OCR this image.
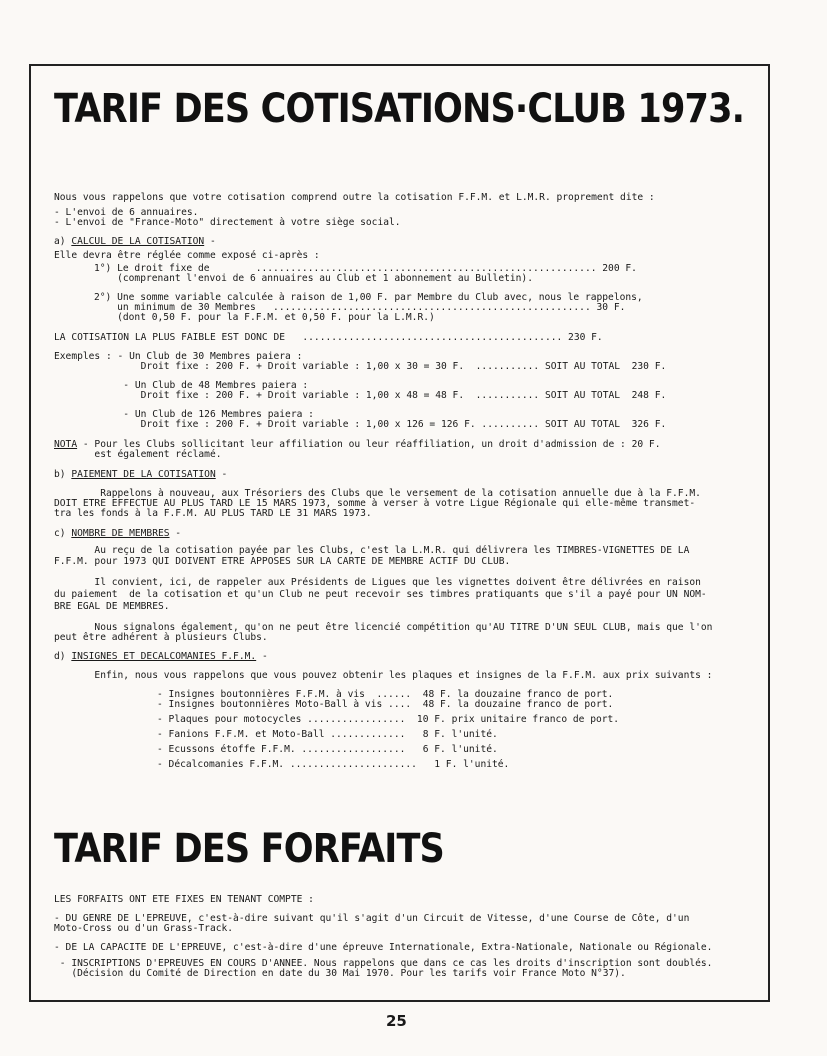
TARIF DES COTISATIONS·CLUB 1973.
Nous vous rappelons que votre cotisation comprend outre la cotisation F.F.M. et L.M.R. proprement dite :
- L'envoi de 6 annuaires.
- L'envoi de "France-Moto" directement à votre siège social.
a) CALCUL DE LA COTISATION -
Elle devra être réglée comme exposé ci-après :
1°) Le droit fixe de        ........................................................... 200 F.
(comprenant l'envoi de 6 annuaires au Club et 1 abonnement au Bulletin).
2°) Une somme variable calculée à raison de 1,00 F. par Membre du Club avec, nous le rappelons,
un minimum de 30 Membres   ....................................................... 30 F.
(dont 0,50 F. pour la F.F.M. et 0,50 F. pour la L.M.R.)
LA COTISATION LA PLUS FAIBLE EST DONC DE   ............................................. 230 F.
Exemples : - Un Club de 30 Membres paiera :
Droit fixe : 200 F. + Droit variable : 1,00 x 30 = 30 F.  ........... SOIT AU TOTAL  230 F.
- Un Club de 48 Membres paiera :
Droit fixe : 200 F. + Droit variable : 1,00 x 48 = 48 F.  ........... SOIT AU TOTAL  248 F.
- Un Club de 126 Membres paiera :
Droit fixe : 200 F. + Droit variable : 1,00 x 126 = 126 F. .......... SOIT AU TOTAL  326 F.
NOTA - Pour les Clubs sollicitant leur affiliation ou leur réaffiliation, un droit d'admission de : 20 F.
est également réclamé.
b) PAIEMENT DE LA COTISATION -
Rappelons à nouveau, aux Trésoriers des Clubs que le versement de la cotisation annuelle due à la F.F.M.
DOIT ETRE EFFECTUE AU PLUS TARD LE 15 MARS 1973, somme à verser à votre Ligue Régionale qui elle-même transmet-
tra les fonds à la F.F.M. AU PLUS TARD LE 31 MARS 1973.
c) NOMBRE DE MEMBRES -
Au reçu de la cotisation payée par les Clubs, c'est la L.M.R. qui délivrera les TIMBRES-VIGNETTES DE LA
F.F.M. pour 1973 QUI DOIVENT ETRE APPOSES SUR LA CARTE DE MEMBRE ACTIF DU CLUB.
Il convient, ici, de rappeler aux Présidents de Ligues que les vignettes doivent être délivrées en raison
du paiement  de la cotisation et qu'un Club ne peut recevoir ses timbres pratiquants que s'il a payé pour UN NOM-
BRE EGAL DE MEMBRES.
Nous signalons également, qu'on ne peut être licencié compétition qu'AU TITRE D'UN SEUL CLUB, mais que l'on
peut être adhérent à plusieurs Clubs.
d) INSIGNES ET DECALCOMANIES F.F.M. -
Enfin, nous vous rappelons que vous pouvez obtenir les plaques et insignes de la F.F.M. aux prix suivants :
- Insignes boutonnières F.F.M. à vis  ......  48 F. la douzaine franco de port.
- Insignes boutonnières Moto-Ball à vis ....  48 F. la douzaine franco de port.
- Plaques pour motocycles .................  10 F. prix unitaire franco de port.
- Fanions F.F.M. et Moto-Ball .............   8 F. l'unité.
- Ecussons étoffe F.F.M. ..................   6 F. l'unité.
- Décalcomanies F.F.M. ......................   1 F. l'unité.
TARIF DES FORFAITS
LES FORFAITS ONT ETE FIXES EN TENANT COMPTE :
- DU GENRE DE L'EPREUVE, c'est-à-dire suivant qu'il s'agit d'un Circuit de Vitesse, d'une Course de Côte, d'un
Moto-Cross ou d'un Grass-Track.
- DE LA CAPACITE DE L'EPREUVE, c'est-à-dire d'une épreuve Internationale, Extra-Nationale, Nationale ou Régionale.
- INSCRIPTIONS D'EPREUVES EN COURS D'ANNEE. Nous rappelons que dans ce cas les droits d'inscription sont doublés.
(Décision du Comité de Direction en date du 30 Mai 1970. Pour les tarifs voir France Moto N°37).
25
